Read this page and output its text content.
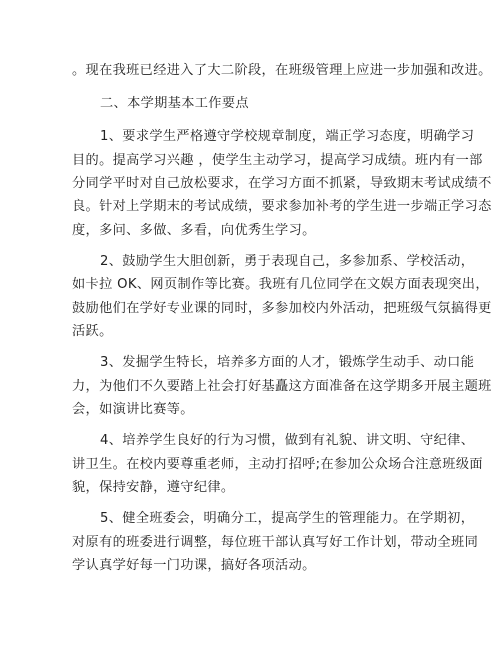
。现在我班已经进入了大二阶段，在班级管理上应进一步加强和改进。
二、本学期基本工作要点
1、要求学生严格遵守学校规章制度，端正学习态度，明确学习
目的。提高学习兴趣 ，使学生主动学习，提高学习成绩。班内有一部
分同学平时对自己放松要求，在学习方面不抓紧，导致期末考试成绩不
良。针对上学期末的考试成绩，要求参加补考的学生进一步端正学习态
度，多问、多做、多看，向优秀生学习。
2、鼓励学生大胆创新，勇于表现自己，多参加系、学校活动，
如卡拉 OK、网页制作等比赛。我班有几位同学在文娱方面表现突出，
鼓励他们在学好专业课的同时，多参加校内外活动，把班级气氛搞得更
活跃。
3、发掘学生特长，培养多方面的人才，锻炼学生动手、动口能
力，为他们不久要踏上社会打好基矗这方面准备在这学期多开展主题班
会，如演讲比赛等。
4、培养学生良好的行为习惯，做到有礼貌、讲文明、守纪律、
讲卫生。在校内要尊重老师，主动打招呼;在参加公众场合注意班级面
貌，保持安静，遵守纪律。
5、健全班委会，明确分工，提高学生的管理能力。在学期初，
对原有的班委进行调整，每位班干部认真写好工作计划，带动全班同
学认真学好每一门功课，搞好各项活动。
